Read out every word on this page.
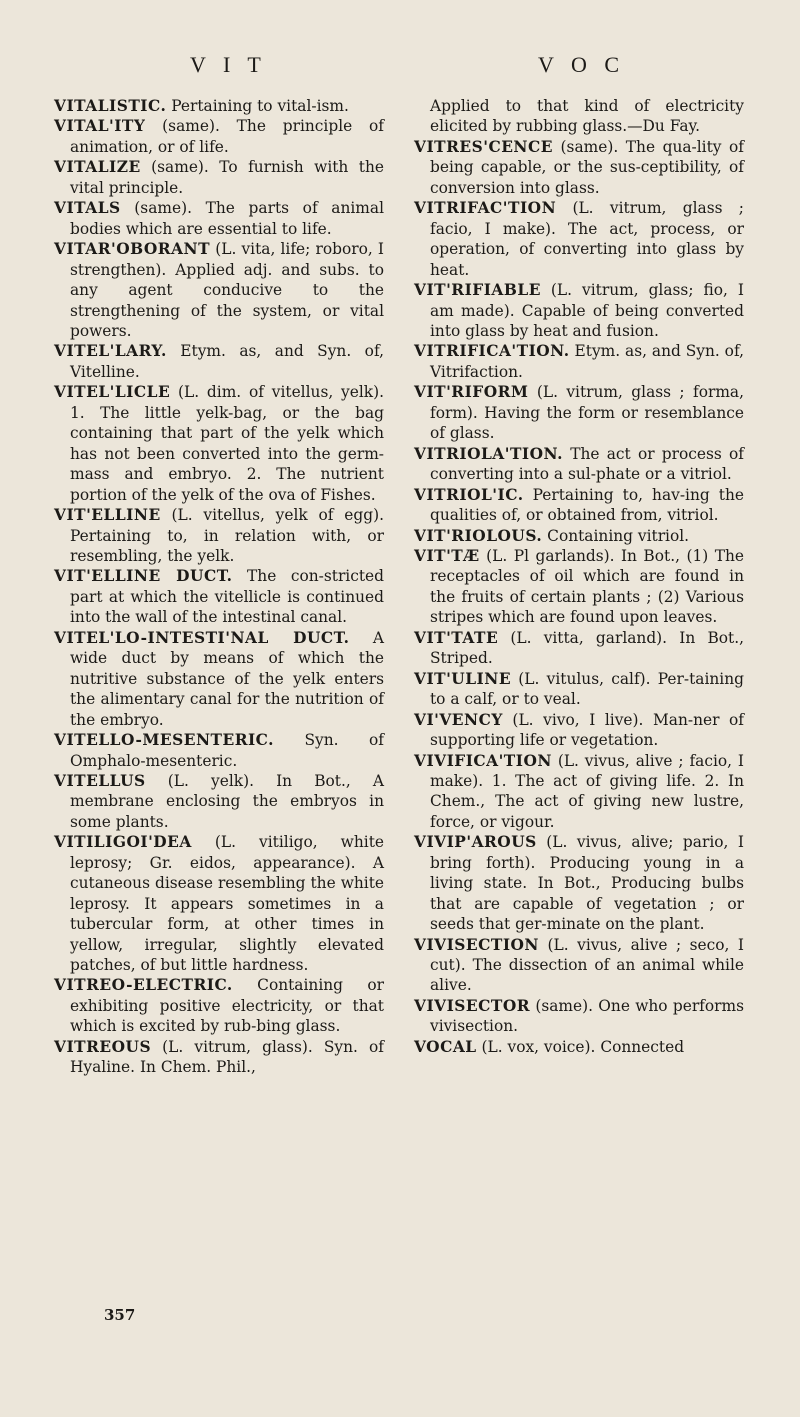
V I T	V O C

VITALISTIC. Pertaining to vital-ism.

VITAL'ITY (same). The principle of animation, or of life.

VITALIZE (same). To furnish with the vital principle.

VITALS (same). The parts of animal bodies which are essential to life.

VITAR'OBORANT (L. vita, life; roboro, I strengthen). Applied adj. and subs. to any agent conducive to the strengthening of the system, or vital powers.

VITEL'LARY. Etym. as, and Syn. of, Vitelline.

VITEL'LICLE (L. dim. of vitellus, yelk). 1. The little yelk-bag, or the bag containing that part of the yelk which has not been converted into the germ-mass and embryo. 2. The nutrient portion of the yelk of the ova of Fishes.

VIT'ELLINE (L. vitellus, yelk of egg). Pertaining to, in relation with, or resembling, the yelk.

VIT'ELLINE DUCT. The con-stricted part at which the vitellicle is continued into the wall of the intestinal canal.

VITEL'LO-INTESTI'NAL DUCT. A wide duct by means of which the nutritive substance of the yelk enters the alimentary canal for the nutrition of the embryo.

VITELLO-MESENTERIC. Syn. of Omphalo-mesenteric.

VITELLUS (L. yelk). In Bot., A membrane enclosing the embryos in some plants.

VITILIGOI'DEA (L. vitiligo, white leprosy; Gr. eidos, appearance). A cutaneous disease resembling the white leprosy. It appears sometimes in a tubercular form, at other times in yellow, irregular, slightly elevated patches, of but little hardness.

VITREO-ELECTRIC. Containing or exhibiting positive electricity, or that which is excited by rub-bing glass.

VITREOUS (L. vitrum, glass). Syn. of Hyaline. In Chem. Phil.,

Applied to that kind of electricity elicited by rubbing glass.—Du Fay.

VITRES'CENCE (same). The qua-lity of being capable, or the sus-ceptibility, of conversion into glass.

VITRIFAC'TION (L. vitrum, glass ; facio, I make). The act, process, or operation, of converting into glass by heat.

VIT'RIFIABLE (L. vitrum, glass; fio, I am made). Capable of being converted into glass by heat and fusion.

VITRIFICA'TION. Etym. as, and Syn. of, Vitrifaction.

VIT'RIFORM (L. vitrum, glass ; forma, form). Having the form or resemblance of glass.

VITRIOLA'TION. The act or process of converting into a sul-phate or a vitriol.

VITRIOL'IC. Pertaining to, hav-ing the qualities of, or obtained from, vitriol.

VIT'RIOLOUS. Containing vitriol.

VIT'TÆ (L. Pl garlands). In Bot., (1) The receptacles of oil which are found in the fruits of certain plants ; (2) Various stripes which are found upon leaves.

VIT'TATE (L. vitta, garland). In Bot., Striped.

VIT'ULINE (L. vitulus, calf). Per-taining to a calf, or to veal.

VI'VENCY (L. vivo, I live). Man-ner of supporting life or vegetation.

VIVIFICA'TION (L. vivus, alive ; facio, I make). 1. The act of giving life. 2. In Chem., The act of giving new lustre, force, or vigour.

VIVIP'AROUS (L. vivus, alive; pario, I bring forth). Producing young in a living state. In Bot., Producing bulbs that are capable of vegetation ; or seeds that ger-minate on the plant.

VIVISECTION (L. vivus, alive ; seco, I cut). The dissection of an animal while alive.

VIVISECTOR (same). One who performs vivisection.

VOCAL (L. vox, voice). Connected

357
